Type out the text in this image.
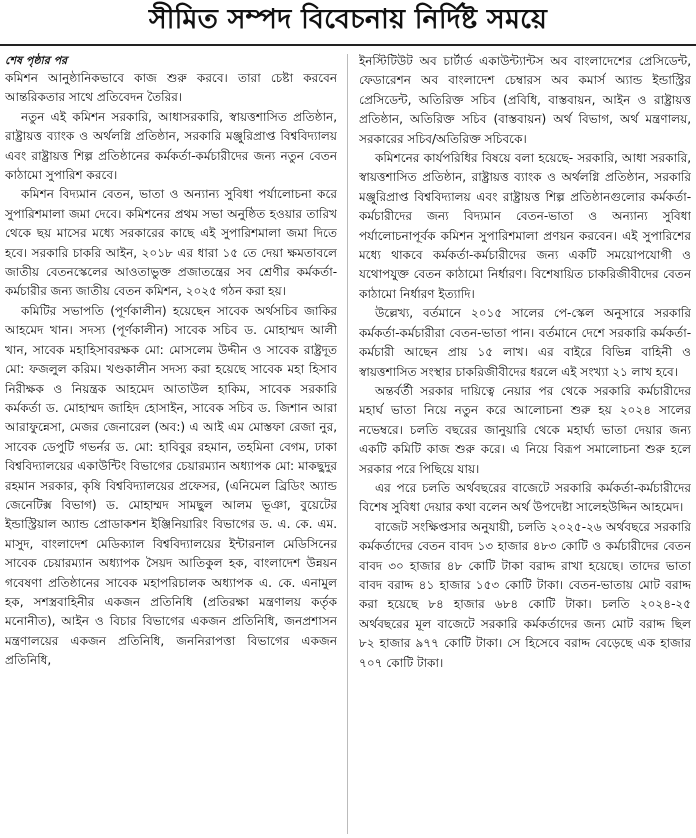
সীমিত সম্পদ বিবেচনায় নির্দিষ্ট সময়ে
শেষ পৃষ্ঠার পর

কমিশন আনুষ্ঠানিকভাবে কাজ শুরু করবে। তারা চেষ্টা করবেন আন্তরিকতার সাথে প্রতিবেদন তৈরির।

নতুন এই কমিশন সরকারি, আধাসরকারি, স্বায়ত্তশাসিত প্রতিষ্ঠান, রাষ্ট্রায়ত্ত ব্যাংক ও অর্থলগ্নি প্রতিষ্ঠান, সরকারি মঞ্জুরিপ্রাপ্ত বিশ্ববিদ্যালয় এবং রাষ্ট্রায়ত্ত শিল্প প্রতিষ্ঠানের কর্মকর্তা-কর্মচারীদের জন্য নতুন বেতন কাঠামো সুপারিশ করবে।

কমিশন বিদ্যমান বেতন, ভাতা ও অন্যান্য সুবিধা পর্যালোচনা করে সুপারিশমালা জমা দেবে। কমিশনের প্রথম সভা অনুষ্ঠিত হওয়ার তারিখ থেকে ছয় মাসের মধ্যে সরকারের কাছে এই সুপারিশমালা জমা দিতে হবে। সরকারি চাকরি আইন, ২০১৮ এর ধারা ১৫ তে দেয়া ক্ষমতাবলে জাতীয় বেতনস্কেলের আওতাভুক্ত প্রজাতন্ত্রের সব শ্রেণীর কর্মকর্তা-কর্মচারীর জন্য জাতীয় বেতন কমিশন, ২০২৫ গঠন করা হয়।

কমিটির সভাপতি (পূর্ণকালীন) হয়েছেন সাবেক অর্থসচিব জাকির আহমেদ খান। সদস্য (পূর্ণকালীন) সাবেক সচিব ড. মোহাম্মদ আলী খান, সাবেক মহাহিসাবরক্ষক মো: মোসলেম উদ্দীন ও সাবেক রাষ্ট্রদূত মো: ফজলুল করিম। খণ্ডকালীন সদস্য করা হয়েছে সাবেক মহা হিসাব নিরীক্ষক ও নিয়ন্ত্রক আহমেদ আতাউল হাকিম, সাবেক সরকারি কর্মকর্তা ড. মোহাম্মদ জাহিদ হোসাইন, সাবেক সচিব ড. জিশান আরা আরাফুন্নেসা, মেজর জেনারেল (অব:) এ আই এম মোস্তফা রেজা নুর, সাবেক ডেপুটি গভর্নর ড. মো: হাবিবুর রহমান, তহমিনা বেগম, ঢাকা বিশ্ববিদ্যালয়ের একাউন্টিং বিভাগের চেয়ারম্যান অধ্যাপক মো: মাকছুদুর রহমান সরকার, কৃষি বিশ্ববিদ্যালয়ের প্রফেসর, (এনিমেল ব্রিডিং অ্যান্ড জেনেটিক্স বিভাগ) ড. মোহাম্মদ সামছুল আলম ভূঞা, বুয়েটের ইন্ডাস্ট্রিয়াল অ্যান্ড প্রোডাকশন ইঞ্জিনিয়ারিং বিভাগের ড. এ. কে. এম. মাসুদ, বাংলাদেশ মেডিক্যাল বিশ্ববিদ্যালয়ের ইন্টারনাল মেডিসিনের সাবেক চেয়ারম্যান অধ্যাপক সৈয়দ আতিকুল হক, বাংলাদেশ উন্নয়ন গবেষণা প্রতিষ্ঠানের সাবেক মহাপরিচালক অধ্যাপক এ. কে. এনামুল হক, সশস্ত্রবাহিনীর একজন প্রতিনিধি (প্রতিরক্ষা মন্ত্রণালয় কর্তৃক মনোনীত), আইন ও বিচার বিভাগের একজন প্রতিনিধি, জনপ্রশাসন মন্ত্রণালয়ের একজন প্রতিনিধি, জননিরাপত্তা বিভাগের একজন প্রতিনিধি,

ইনস্টিটিউট অব চার্টার্ড একাউন্ট্যান্টস অব বাংলাদেশের প্রেসিডেন্ট, ফেডারেশন অব বাংলাদেশ চেম্বারস অব কমার্স অ্যান্ড ইন্ডাস্ট্রির প্রেসিডেন্ট, অতিরিক্ত সচিব (প্রবিধি, বাস্তবায়ন, আইন ও রাষ্ট্রায়ত্ত প্রতিষ্ঠান, অতিরিক্ত সচিব (বাস্তবায়ন) অর্থ বিভাগ, অর্থ মন্ত্রণালয়, সরকারের সচিব/অতিরিক্ত সচিবকে।

কমিশনের কার্যপরিধির বিষয়ে বলা হয়েছে- সরকারি, আধা সরকারি, স্বায়ত্তশাসিত প্রতিষ্ঠান, রাষ্ট্রায়ত্ত ব্যাংক ও অর্থলগ্নি প্রতিষ্ঠান, সরকারি মঞ্জুরিপ্রাপ্ত বিশ্ববিদ্যালয় এবং রাষ্ট্রায়ত্ত শিল্প প্রতিষ্ঠানগুলোর কর্মকর্তা-কর্মচারীদের জন্য বিদ্যমান বেতন-ভাতা ও অন্যান্য সুবিধা পর্যালোচনাপূর্বক কমিশন সুপারিশমালা প্রণয়ন করবেন। এই সুপারিশের মধ্যে থাকবে কর্মকর্তা-কর্মচারীদের জন্য একটি সময়োপযোগী ও যথোপযুক্ত বেতন কাঠামো নির্ধারণ। বিশেষায়িত চাকরিজীবীদের বেতন কাঠামো নির্ধারণ ইত্যাদি।

উল্লেখ্য, বর্তমানে ২০১৫ সালের পে-স্কেল অনুসারে সরকারি কর্মকর্তা-কর্মচারীরা বেতন-ভাতা পান। বর্তমানে দেশে সরকারি কর্মকর্তা-কর্মচারী আছেন প্রায় ১৫ লাখ। এর বাইরে বিভিন্ন বাহিনী ও স্বায়ত্তশাসিত সংস্থার চাকরিজীবীদের ধরলে এই সংখ্যা ২১ লাখ হবে।

অন্তর্বর্তী সরকার দায়িত্বে নেয়ার পর থেকে সরকারি কর্মচারীদের মহার্ঘ ভাতা নিয়ে নতুন করে আলোচনা শুরু হয় ২০২৪ সালের নভেম্বরে। চলতি বছরের জানুয়ারি থেকে মহার্ঘ্য ভাতা দেয়ার জন্য একটি কমিটি কাজ শুরু করে। এ নিয়ে বিরূপ সমালোচনা শুরু হলে সরকার পরে পিছিয়ে যায়।

এর পরে চলতি অর্থবছরের বাজেটে সরকারি কর্মকর্তা-কর্মচারীদের বিশেষ সুবিধা দেয়ার কথা বলেন অর্থ উপদেষ্টা সালেহউদ্দিন আহমেদ।

বাজেট সংক্ষিপ্তসার অনুযায়ী, চলতি ২০২৫-২৬ অর্থবছরে সরকারি কর্মকর্তাদের বেতন বাবদ ১৩ হাজার ৪৮৩ কোটি ও কর্মচারীদের বেতন বাবদ ৩০ হাজার ৪৮ কোটি টাকা বরাদ্দ রাখা হয়েছে। তাদের ভাতা বাবদ বরাদ্দ ৪১ হাজার ১৫৩ কোটি টাকা। বেতন-ভাতায় মোট বরাদ্দ করা হয়েছে ৮৪ হাজার ৬৮৪ কোটি টাকা। চলতি ২০২৪-২৫ অর্থবছরের মূল বাজেটে সরকারি কর্মকর্তাদের জন্য মোট বরাদ্দ ছিল ৮২ হাজার ৯৭৭ কোটি টাকা। সে হিসেবে বরাদ্দ বেড়েছে এক হাজার ৭০৭ কোটি টাকা।
